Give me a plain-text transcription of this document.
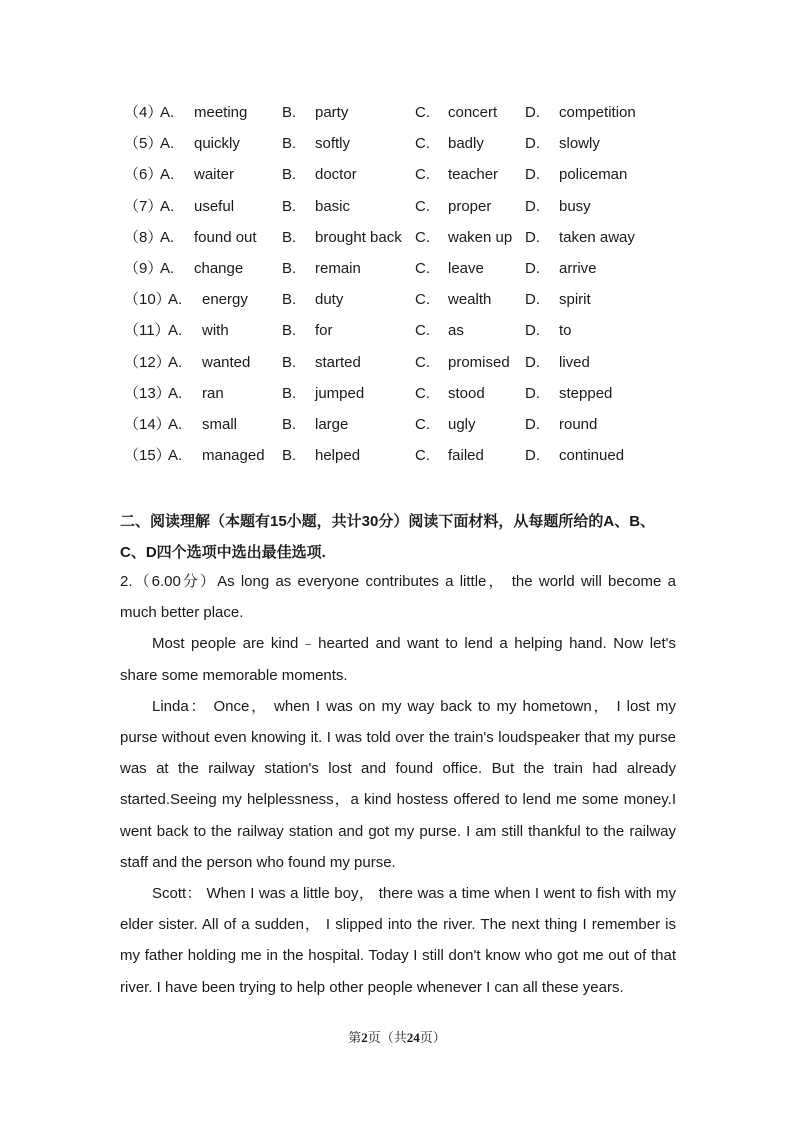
（4）
A. meeting B. party	C. concert D. competition
（5）
A. quickly	B. softly	C. badly	D. slowly
（6）
A. waiter	B. doctor	C. teacher D. policeman
（7）
A. useful	B. basic	C. proper D. busy
（8）
A. found out B. brought back C. waken up D. taken away
（9）
A. change	B. remain	C. leave	D. arrive
（10）
A. energy B. duty	C. wealth D. spirit
（11）
A. with	B. for	C. as	D. to
（12）
A. wanted B. started	C. promised D. lived
（13）
A. ran	B. jumped	C. stood	D. stepped
（14）
A. small	B. large	C. ugly	D. round
（15）
A. managed B. helped	C. failed	D. continued
二、阅读理解（本题有15小题，共计30分）阅读下面材料，从每题所给的A、B、C、D四个选项中选出最佳选项.

2.（6.00分）As long as everyone contributes a little， the world will become a much better place.

Most people are kind﹣hearted and want to lend a helping hand. Now let's share some memorable moments.

Linda： Once， when I was on my way back to my hometown， I lost my purse without even knowing it. I was told over the train's loudspeaker that my purse was at the railway station's lost and found office. But the train had already started.Seeing my helplessness，a kind hostess offered to lend me some money.I went back to the railway station and got my purse. I am still thankful to the railway staff and the person who found my purse.

Scott： When I was a little boy， there was a time when I went to fish with my elder sister. All of a sudden， I slipped into the river. The next thing I remember is my father holding me in the hospital. Today I still don't know who got me out of that river. I have been trying to help other people whenever I can all these years.

第2页（共24页）
